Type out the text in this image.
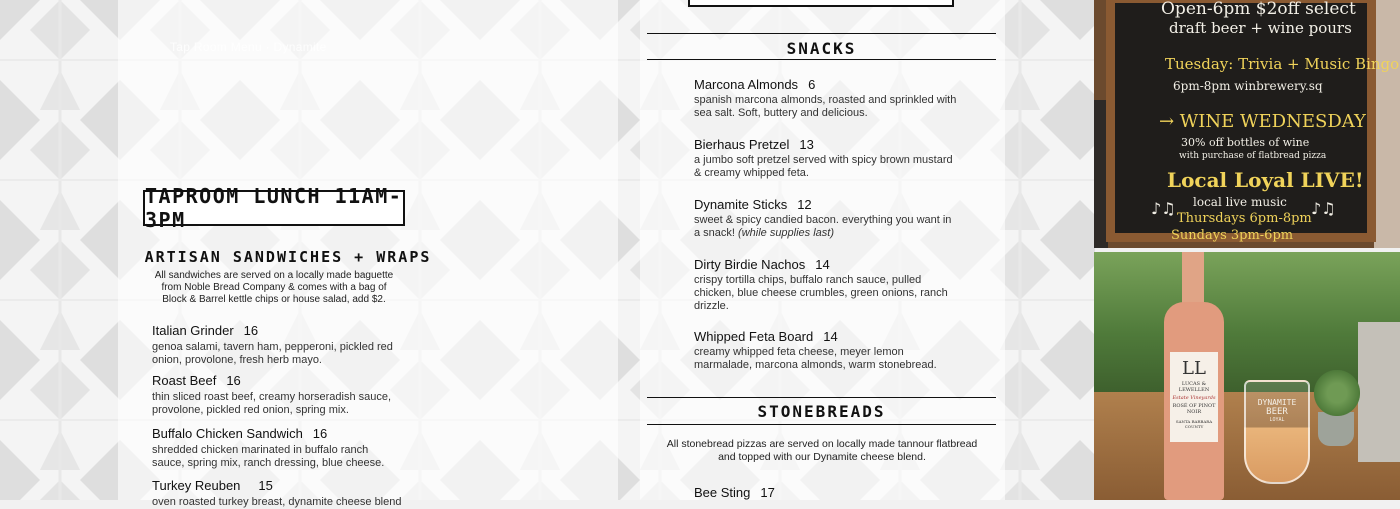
Tap Room Menu · Dynamite
TAPROOM LUNCH 11AM-3PM
ARTISAN SANDWICHES + WRAPS
All sandwiches are served on a locally made baguette from Noble Bread Company & comes with a bag of Block & Barrel kettle chips or house salad, add $2.
Italian Grinder 16
genoa salami, tavern ham, pepperoni, pickled red onion, provolone, fresh herb mayo.
Roast Beef 16
thin sliced roast beef, creamy horseradish sauce, provolone, pickled red onion, spring mix.
Buffalo Chicken Sandwich 16
shredded chicken marinated in buffalo ranch sauce, spring mix, ranch dressing, blue cheese.
Turkey Reuben 15
oven roasted turkey breast, dynamite cheese blend
SNACKS
Marcona Almonds 6
spanish marcona almonds, roasted and sprinkled with sea salt. Soft, buttery and delicious.
Bierhaus Pretzel 13
a jumbo soft pretzel served with spicy brown mustard & creamy whipped feta.
Dynamite Sticks 12
sweet & spicy candied bacon. everything you want in a snack! (while supplies last)
Dirty Birdie Nachos 14
crispy tortilla chips, buffalo ranch sauce, pulled chicken, blue cheese crumbles, green onions, ranch drizzle.
Whipped Feta Board 14
creamy whipped feta cheese, meyer lemon marmalade, marcona almonds, warm stonebread.
STONEBREADS
All stonebread pizzas are served on locally made tannour flatbread and topped with our Dynamite cheese blend.
Bee Sting 17
Open-6pm $2off select
draft beer + wine pours
Tuesday: Trivia + Music Bingo
6pm-8pm winbrewery.sq
→ WINE WEDNESDAY
30% off bottles of wine
with purchase of flatbread pizza
Local Loyal LIVE!
local live music
Thursdays 6pm-8pm
Sundays 3pm-6pm
♪♫	♪♫
LL
LUCAS & LEWELLEN
Estate Vineyards
ROSÉ OF PINOT NOIR
SANTA BARBARA COUNTY
DYNAMITE
BEER
LOYAL
